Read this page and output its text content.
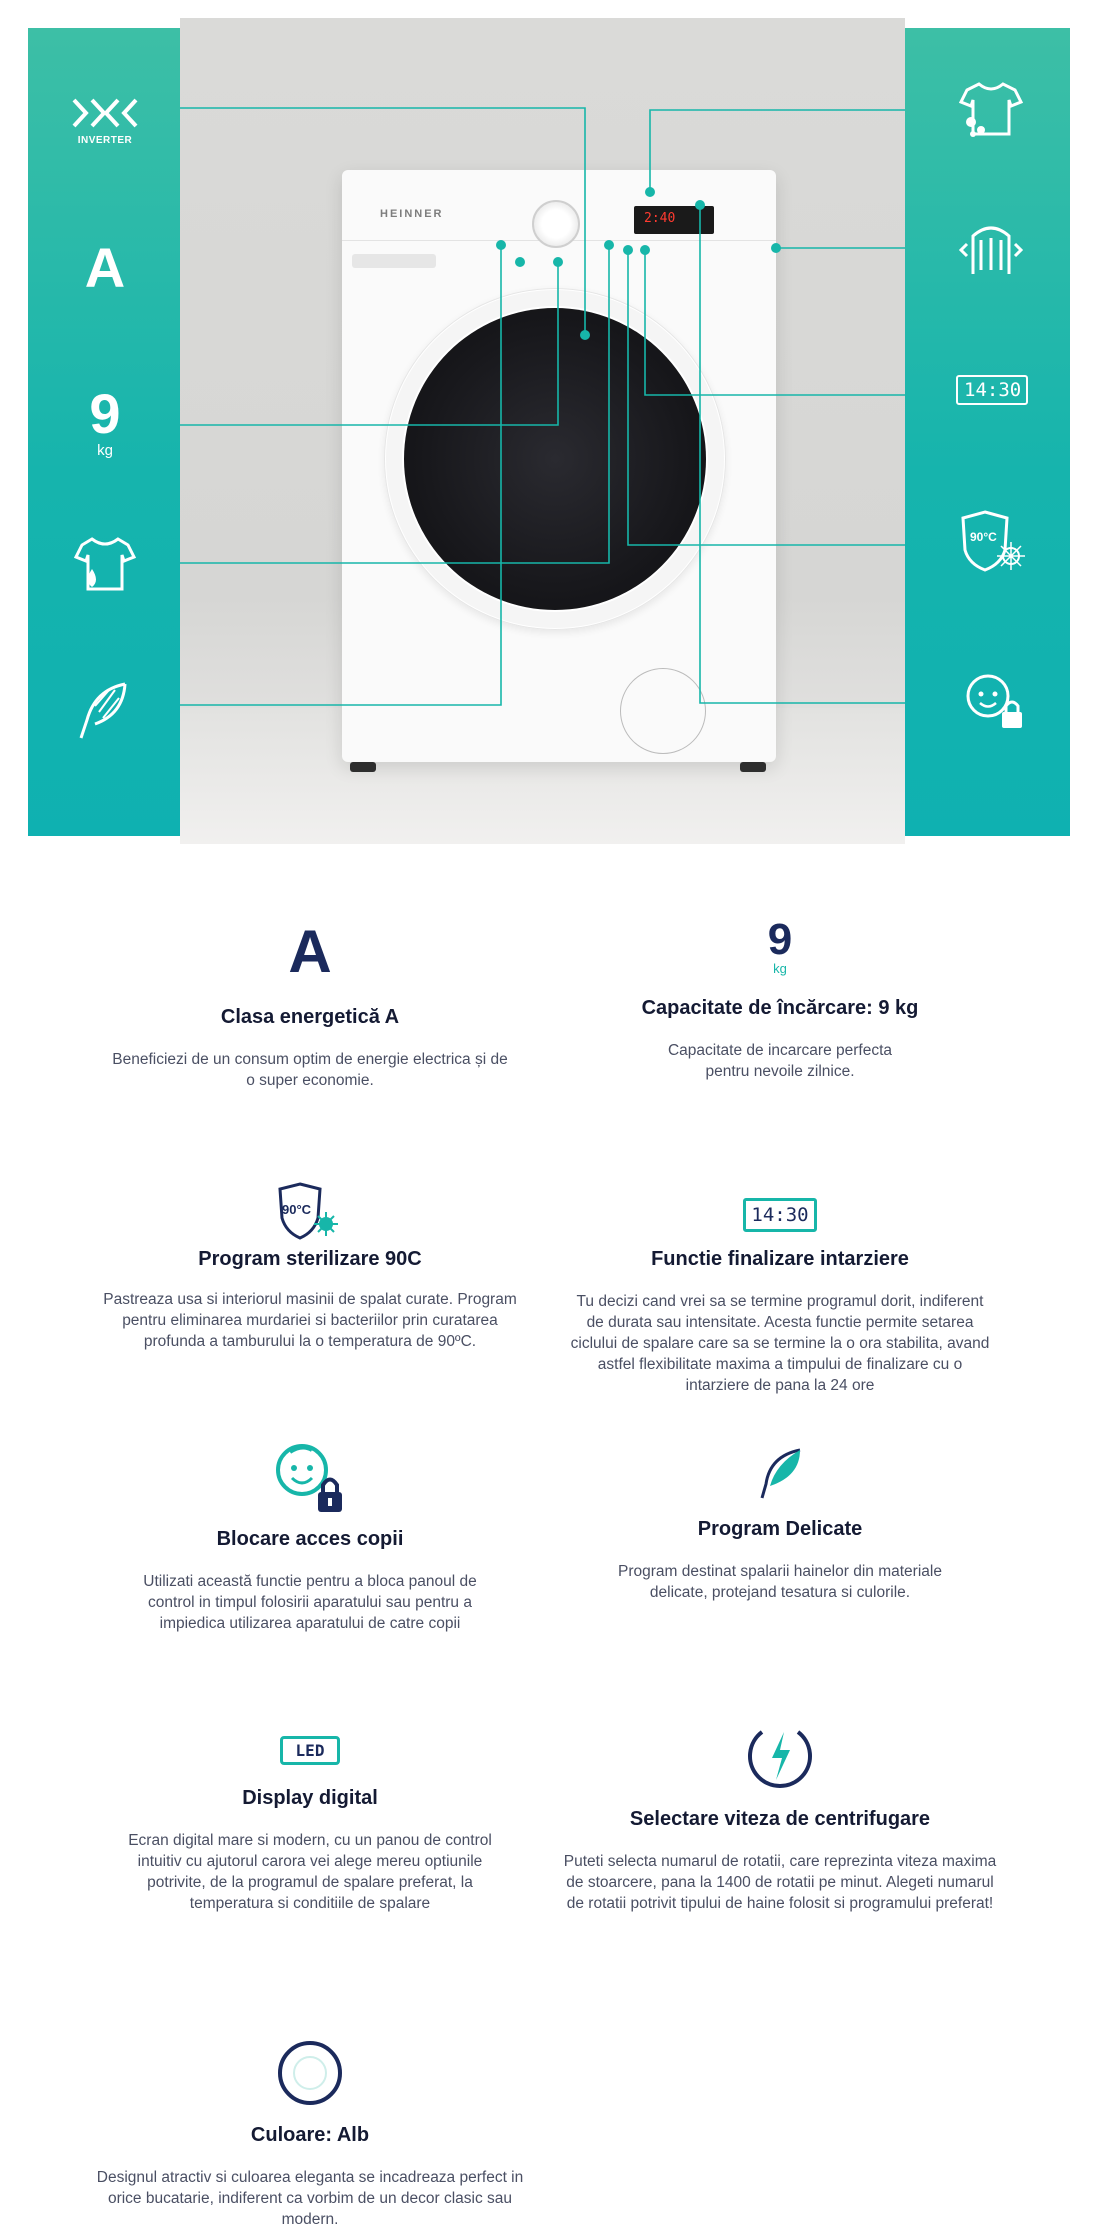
HEINNER	2:40
INVERTER
A
9
kg
14:30
90°C
A
Clasa energetică A

Beneficiezi de un consum optim de energie electrica și de o super economie.

9
kg
Capacitate de încărcare: 9 kg

Capacitate de incarcare perfecta pentru nevoile zilnice.

90°C
Program sterilizare 90C

Pastreaza usa si interiorul masinii de spalat curate. Program pentru eliminarea murdariei si bacteriilor prin curatarea profunda a tamburului la o temperatura de 90ºC.

14:30
Functie finalizare intarziere

Tu decizi cand vrei sa se termine programul dorit, indiferent de durata sau intensitate. Acesta functie permite setarea ciclului de spalare care sa se termine la o ora stabilita, avand astfel flexibilitate maxima a timpului de finalizare cu o intarziere de pana la 24 ore

Blocare acces copii

Utilizati această functie pentru a bloca panoul de control in timpul folosirii aparatului sau pentru a impiedica utilizarea aparatului de catre copii

Program Delicate

Program destinat spalarii hainelor din materiale delicate, protejand tesatura si culorile.

LED
Display digital

Ecran digital mare si modern, cu un panou de control intuitiv cu ajutorul carora vei alege mereu optiunile potrivite, de la programul de spalare preferat, la temperatura si conditiile de spalare

Selectare viteza de centrifugare

Puteti selecta numarul de rotatii, care reprezinta viteza maxima de stoarcere, pana la 1400 de rotatii pe minut. Alegeti numarul de rotatii potrivit tipului de haine folosit si programului preferat!

Culoare: Alb

Designul atractiv si culoarea eleganta se incadreaza perfect in orice bucatarie, indiferent ca vorbim de un decor clasic sau modern.
